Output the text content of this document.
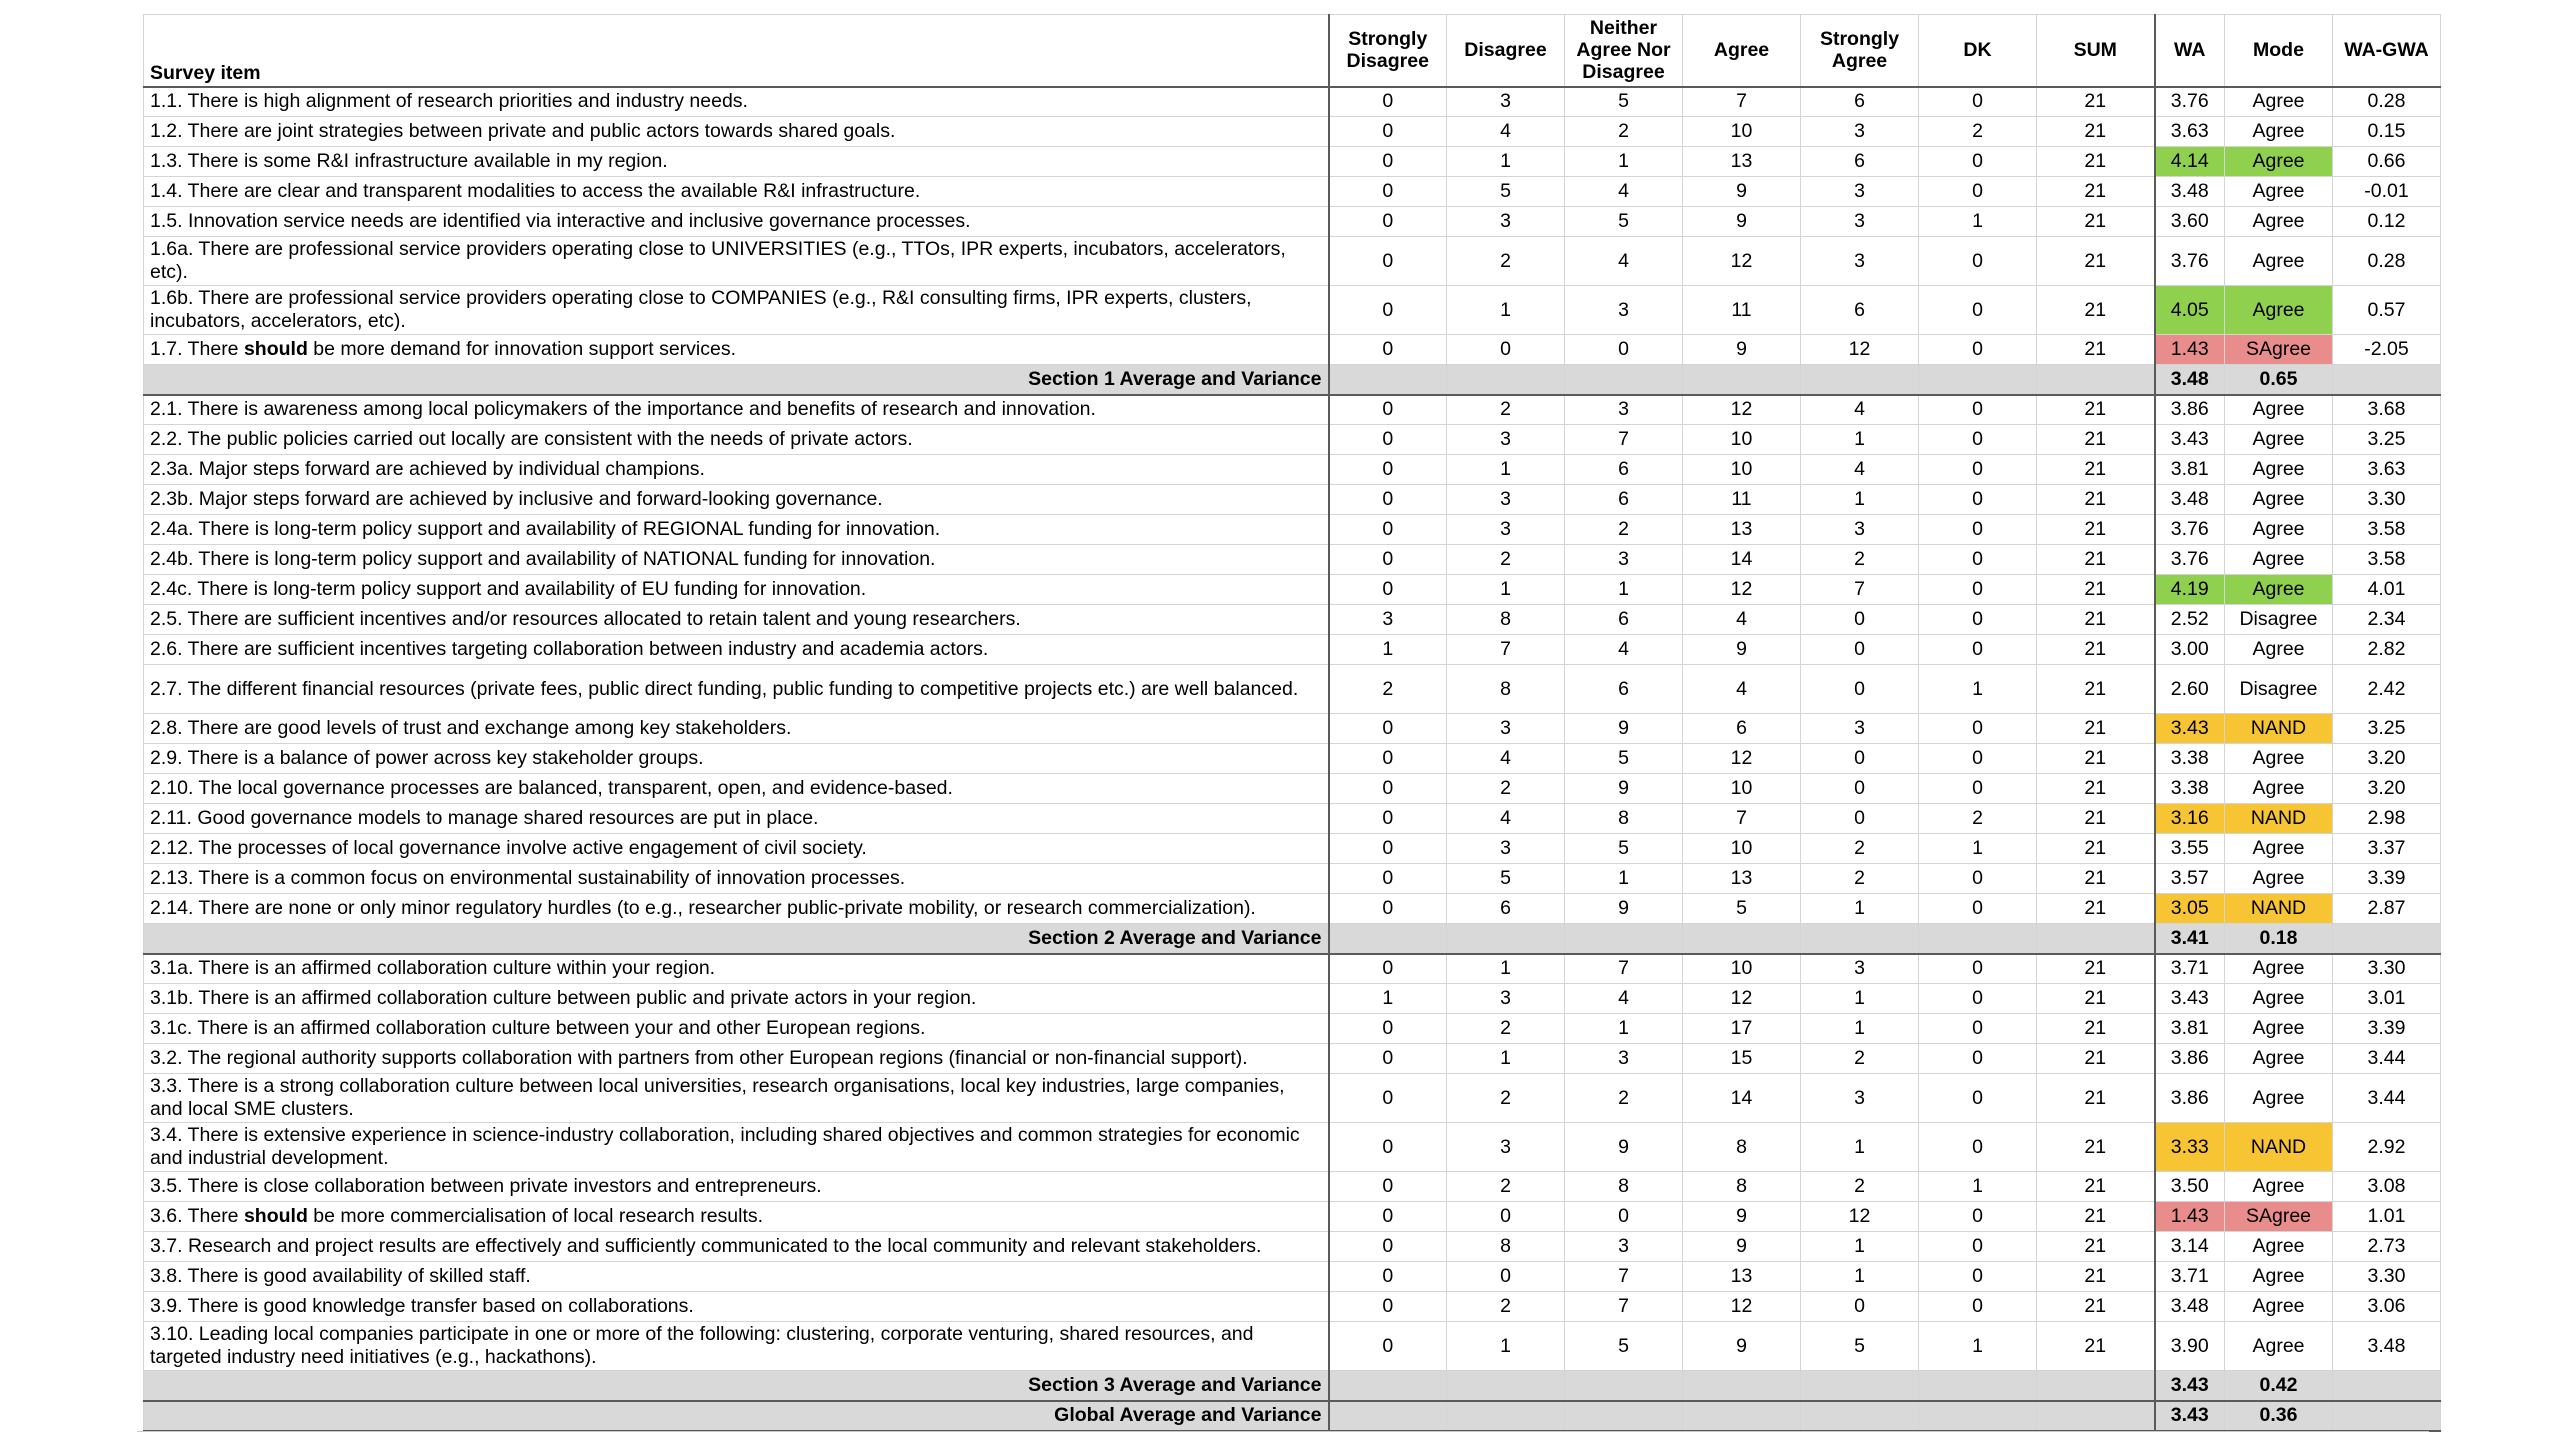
Survey item	Strongly Disagree	Disagree	Neither Agree Nor Disagree	Agree	Strongly Agree	DK	SUM	WA	Mode	WA-GWA
1.1. There is high alignment of research priorities and industry needs.	0	3	5	7	6	0	21	3.76	Agree	0.28
1.2. There are joint strategies between private and public actors towards shared goals.	0	4	2	10	3	2	21	3.63	Agree	0.15
1.3. There is some R&I infrastructure available in my region.	0	1	1	13	6	0	21	4.14	Agree	0.66
1.4. There are clear and transparent modalities to access the available R&I infrastructure.	0	5	4	9	3	0	21	3.48	Agree	-0.01
1.5. Innovation service needs are identified via interactive and inclusive governance processes.	0	3	5	9	3	1	21	3.60	Agree	0.12
1.6a. There are professional service providers operating close to UNIVERSITIES (e.g., TTOs, IPR experts, incubators, accelerators, etc).	0	2	4	12	3	0	21	3.76	Agree	0.28
1.6b. There are professional service providers operating close to COMPANIES (e.g., R&I consulting firms, IPR experts, clusters, incubators, accelerators, etc).	0	1	3	11	6	0	21	4.05	Agree	0.57
1.7. There should be more demand for innovation support services.	0	0	0	9	12	0	21	1.43	SAgree	-2.05
Section 1 Average and Variance								3.48	0.65	
2.1. There is awareness among local policymakers of the importance and benefits of research and innovation.	0	2	3	12	4	0	21	3.86	Agree	3.68
2.2. The public policies carried out locally are consistent with the needs of private actors.	0	3	7	10	1	0	21	3.43	Agree	3.25
2.3a. Major steps forward are achieved by individual champions.	0	1	6	10	4	0	21	3.81	Agree	3.63
2.3b. Major steps forward are achieved by inclusive and forward-looking governance.	0	3	6	11	1	0	21	3.48	Agree	3.30
2.4a. There is long-term policy support and availability of REGIONAL funding for innovation.	0	3	2	13	3	0	21	3.76	Agree	3.58
2.4b. There is long-term policy support and availability of NATIONAL funding for innovation.	0	2	3	14	2	0	21	3.76	Agree	3.58
2.4c. There is long-term policy support and availability of EU funding for innovation.	0	1	1	12	7	0	21	4.19	Agree	4.01
2.5. There are sufficient incentives and/or resources allocated to retain talent and young researchers.	3	8	6	4	0	0	21	2.52	Disagree	2.34
2.6. There are sufficient incentives targeting collaboration between industry and academia actors.	1	7	4	9	0	0	21	3.00	Agree	2.82
2.7. The different financial resources (private fees, public direct funding, public funding to competitive projects etc.) are well balanced.	2	8	6	4	0	1	21	2.60	Disagree	2.42
2.8. There are good levels of trust and exchange among key stakeholders.	0	3	9	6	3	0	21	3.43	NAND	3.25
2.9. There is a balance of power across key stakeholder groups.	0	4	5	12	0	0	21	3.38	Agree	3.20
2.10. The local governance processes are balanced, transparent, open, and evidence-based.	0	2	9	10	0	0	21	3.38	Agree	3.20
2.11. Good governance models to manage shared resources are put in place.	0	4	8	7	0	2	21	3.16	NAND	2.98
2.12. The processes of local governance involve active engagement of civil society.	0	3	5	10	2	1	21	3.55	Agree	3.37
2.13. There is a common focus on environmental sustainability of innovation processes.	0	5	1	13	2	0	21	3.57	Agree	3.39
2.14. There are none or only minor regulatory hurdles (to e.g., researcher public-private mobility, or research commercialization).	0	6	9	5	1	0	21	3.05	NAND	2.87
Section 2 Average and Variance								3.41	0.18	
3.1a. There is an affirmed collaboration culture within your region.	0	1	7	10	3	0	21	3.71	Agree	3.30
3.1b. There is an affirmed collaboration culture between public and private actors in your region.	1	3	4	12	1	0	21	3.43	Agree	3.01
3.1c. There is an affirmed collaboration culture between your and other European regions.	0	2	1	17	1	0	21	3.81	Agree	3.39
3.2. The regional authority supports collaboration with partners from other European regions (financial or non-financial support).	0	1	3	15	2	0	21	3.86	Agree	3.44
3.3. There is a strong collaboration culture between local universities, research organisations, local key industries, large companies, and local SME clusters.	0	2	2	14	3	0	21	3.86	Agree	3.44
3.4. There is extensive experience in science-industry collaboration, including shared objectives and common strategies for economic and industrial development.	0	3	9	8	1	0	21	3.33	NAND	2.92
3.5. There is close collaboration between private investors and entrepreneurs.	0	2	8	8	2	1	21	3.50	Agree	3.08
3.6. There should be more commercialisation of local research results.	0	0	0	9	12	0	21	1.43	SAgree	1.01
3.7. Research and project results are effectively and sufficiently communicated to the local community and relevant stakeholders.	0	8	3	9	1	0	21	3.14	Agree	2.73
3.8. There is good availability of skilled staff.	0	0	7	13	1	0	21	3.71	Agree	3.30
3.9. There is good knowledge transfer based on collaborations.	0	2	7	12	0	0	21	3.48	Agree	3.06
3.10. Leading local companies participate in one or more of the following: clustering, corporate venturing, shared resources, and targeted industry need initiatives (e.g., hackathons).	0	1	5	9	5	1	21	3.90	Agree	3.48
Section 3 Average and Variance								3.43	0.42	
Global Average and Variance								3.43	0.36	
